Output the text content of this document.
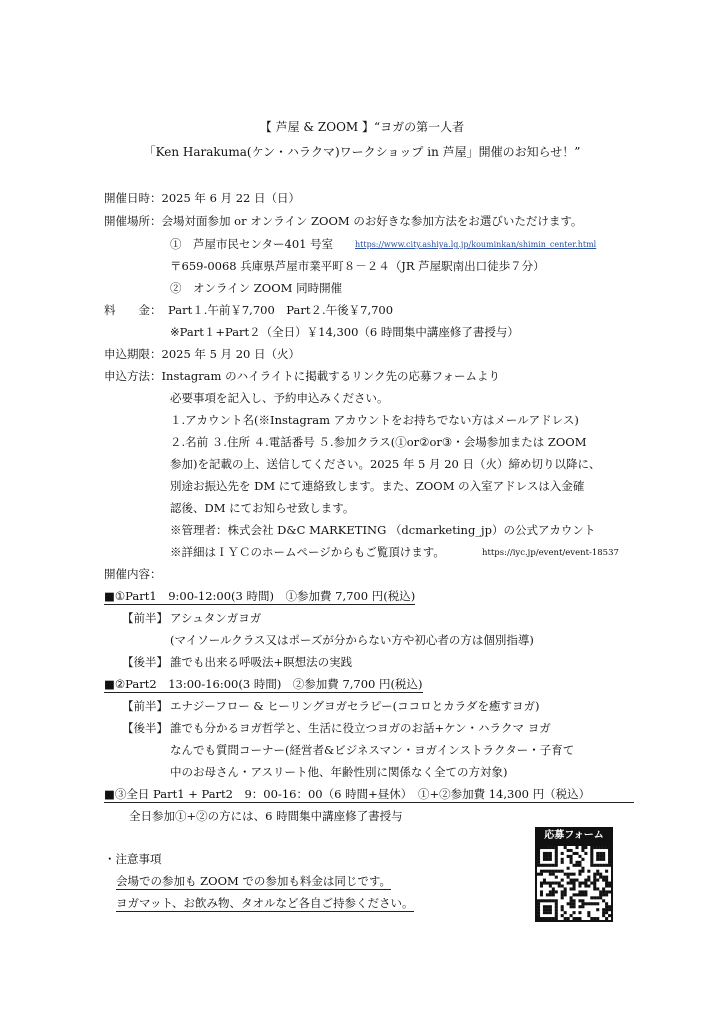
【 芦屋 & ZOOM 】“ヨガの第一人者
「Ken Harakuma(ケン・ハラクマ)ワークショップ in 芦屋」開催のお知らせ！”
開催日時：2025 年 6 月 22 日（日）
開催場所：会場対面参加 or オンライン ZOOM のお好きな参加方法をお選びいただけます。
①　芦屋市民センター401 号室	https://www.city.ashiya.lg.jp/kouminkan/shimin_center.html
〒659-0068 兵庫県芦屋市業平町８－２４（JR 芦屋駅南出口徒歩７分）
②　オンライン ZOOM 同時開催
料　　金： Part１.午前￥7,700　Part２.午後￥7,700
※Part１+Part２（全日）￥14,300（6 時間集中講座修了書授与）
申込期限：2025 年 5 月 20 日（火）
申込方法：Instagram のハイライトに掲載するリンク先の応募フォームより
必要事項を記入し、予約申込みください。
１.アカウント名(※Instagram アカウントをお持ちでない方はメールアドレス)
２.名前 ３.住所 ４.電話番号 ５.参加クラス(①or②or③・会場参加または ZOOM
参加)を記載の上、送信してください。2025 年 5 月 20 日（火）締め切り以降に、
別途お振込先を DM にて連絡致します。また、ZOOM の入室アドレスは入金確
認後、DM にてお知らせ致します。
※管理者：株式会社 D&C MARKETING （dcmarketing_jp）の公式アカウント
※詳細はＩＹＣのホームページからもご覧頂けます。	https://iyc.jp/event/event-18537
開催内容：
■①Part1　9:00-12:00(3 時間)　①参加費 7,700 円(税込)
【前半】 アシュタンガヨガ
(マイソールクラス又はポーズが分からない方や初心者の方は個別指導)
【後半】 誰でも出来る呼吸法+瞑想法の実践
■②Part2　13:00-16:00(3 時間)　②参加費 7,700 円(税込)
【前半】 エナジーフロー & ヒーリングヨガセラピー(ココロとカラダを癒すヨガ)
【後半】 誰でも分かるヨガ哲学と、生活に役立つヨガのお話+ケン・ハラクマ ヨガ
なんでも質問コーナー(経営者&ビジネスマン・ヨガインストラクター・子育て
中のお母さん・アスリート他、年齢性別に関係なく全ての方対象)
■③全日 Part1 + Part2　9：00‐16：00（6 時間+昼休）　①+②参加費 14,300 円（税込）
全日参加①+②の方には、6 時間集中講座修了書授与
・注意事項
会場での参加も ZOOM での参加も料金は同じです。
ヨガマット、お飲み物、タオルなど各自ご持参ください。
応募フォーム
